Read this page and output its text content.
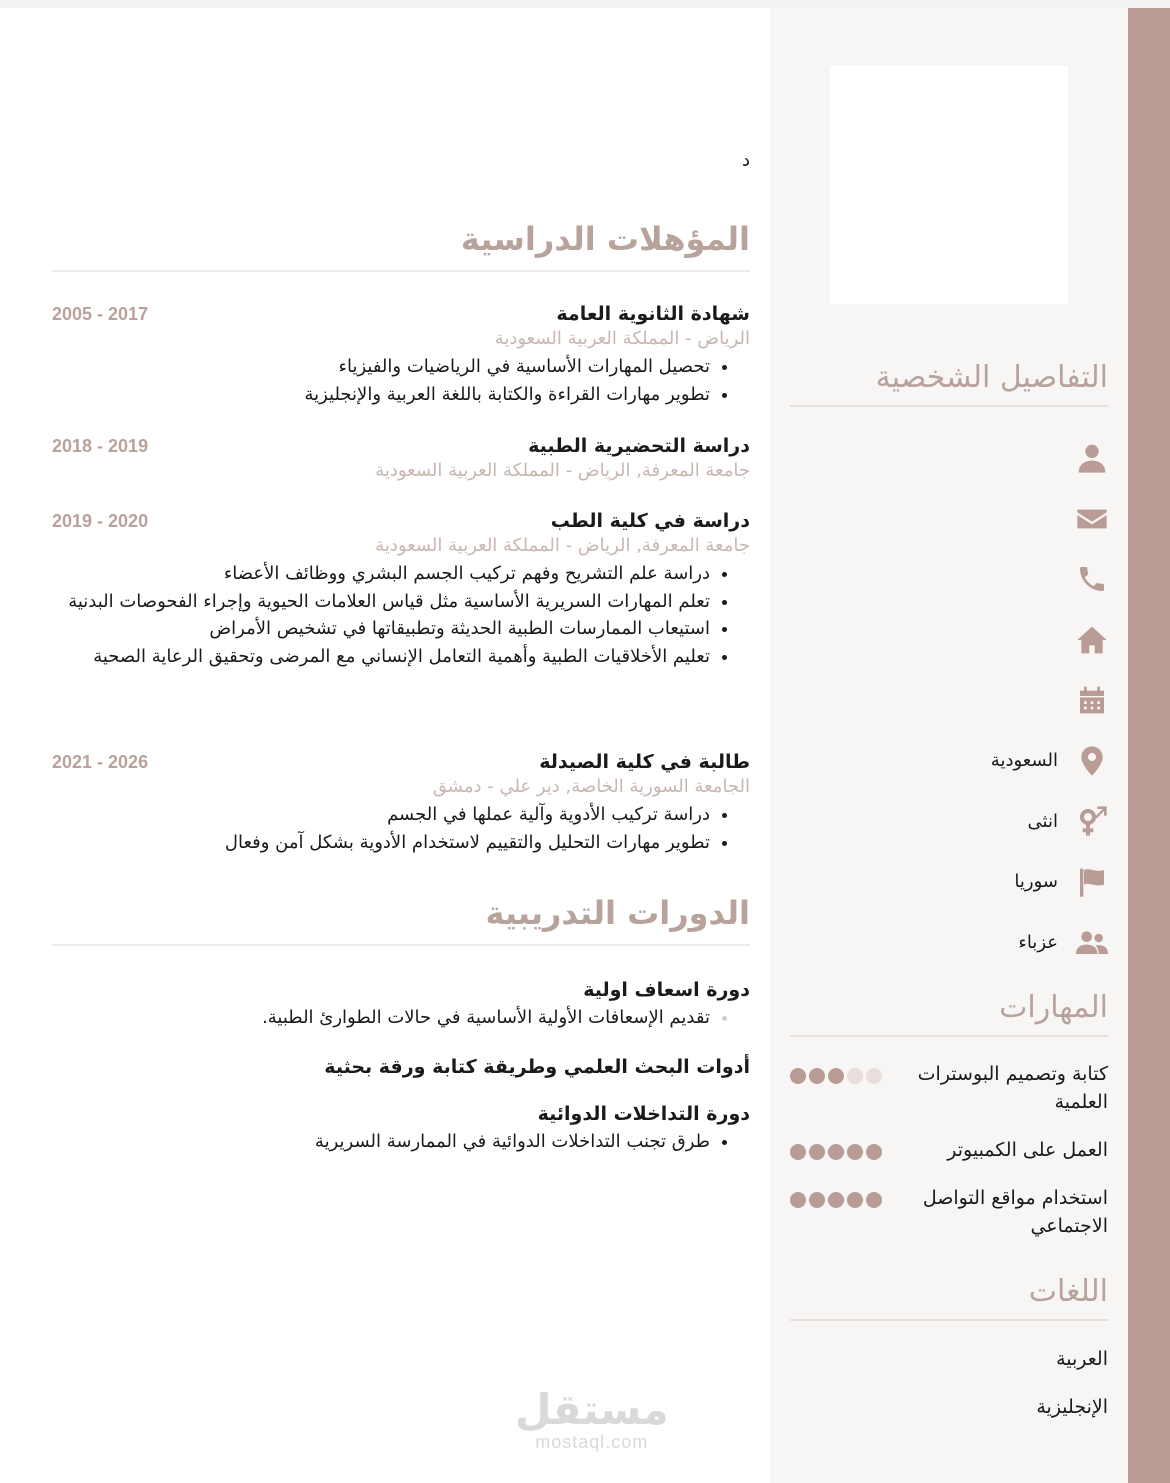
التفاصيل الشخصية
السعودية
انثى
سوريا
عزباء
المهارات
كتابة وتصميم البوسترات العلمية
العمل على الكمبيوتر
استخدام مواقع التواصل الاجتماعي
اللغات
العربية
الإنجليزية
د
المؤهلات الدراسية
شهادة الثانوية العامة
2005 - 2017
الرياض - المملكة العربية السعودية
• تحصيل المهارات الأساسية في الرياضيات والفيزياء
• تطوير مهارات القراءة والكتابة باللغة العربية والإنجليزية
دراسة التحضيرية الطبية
2018 - 2019
جامعة المعرفة, الرياض - المملكة العربية السعودية
دراسة في كلية الطب
2019 - 2020
جامعة المعرفة, الرياض - المملكة العربية السعودية
• دراسة علم التشريح وفهم تركيب الجسم البشري ووظائف الأعضاء
• تعلم المهارات السريرية الأساسية مثل قياس العلامات الحيوية وإجراء الفحوصات البدنية
• استيعاب الممارسات الطبية الحديثة وتطبيقاتها في تشخيص الأمراض
• تعليم الأخلاقيات الطبية وأهمية التعامل الإنساني مع المرضى وتحقيق الرعاية الصحية
طالبة في كلية الصيدلة
2021 - 2026
الجامعة السورية الخاصة, دير علي - دمشق
• دراسة تركيب الأدوية وآلية عملها في الجسم
• تطوير مهارات التحليل والتقييم لاستخدام الأدوية بشكل آمن وفعال
الدورات التدريبية
دورة اسعاف اولية
• تقديم الإسعافات الأولية الأساسية في حالات الطوارئ الطبية.
أدوات البحث العلمي وطريقة كتابة ورقة بحثية
دورة التداخلات الدوائية
• طرق تجنب التداخلات الدوائية في الممارسة السريرية
مستقل
mostaql.com
